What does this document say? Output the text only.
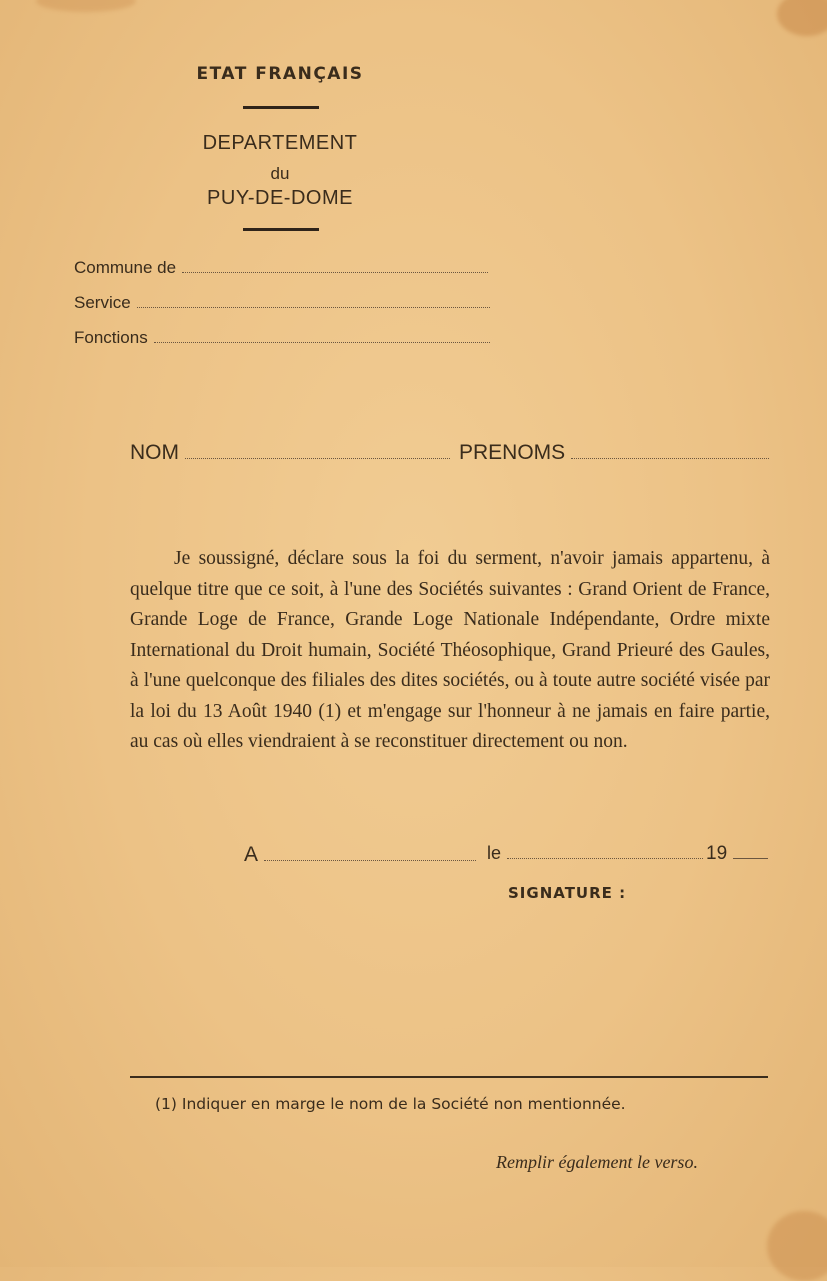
ETAT FRANÇAIS
DEPARTEMENT
du
PUY-DE-DOME
Commune de
Service
Fonctions
NOM	PRENOMS

Je soussigné, déclare sous la foi du serment, n'avoir jamais appartenu, à quelque titre que ce soit, à l'une des Sociétés suivantes : Grand Orient de France, Grande Loge de France, Grande Loge Nationale Indépendante, Ordre mixte International du Droit humain, Société Théosophique, Grand Prieuré des Gaules, à l'une quelconque des filiales des dites sociétés, ou à toute autre société visée par la loi du 13 Août 1940 (1) et m'engage sur l'honneur à ne jamais en faire partie, au cas où elles viendraient à se reconstituer directement ou non.

A	le	19
SIGNATURE :
(1) Indiquer en marge le nom de la Société non mentionnée.
Remplir également le verso.
